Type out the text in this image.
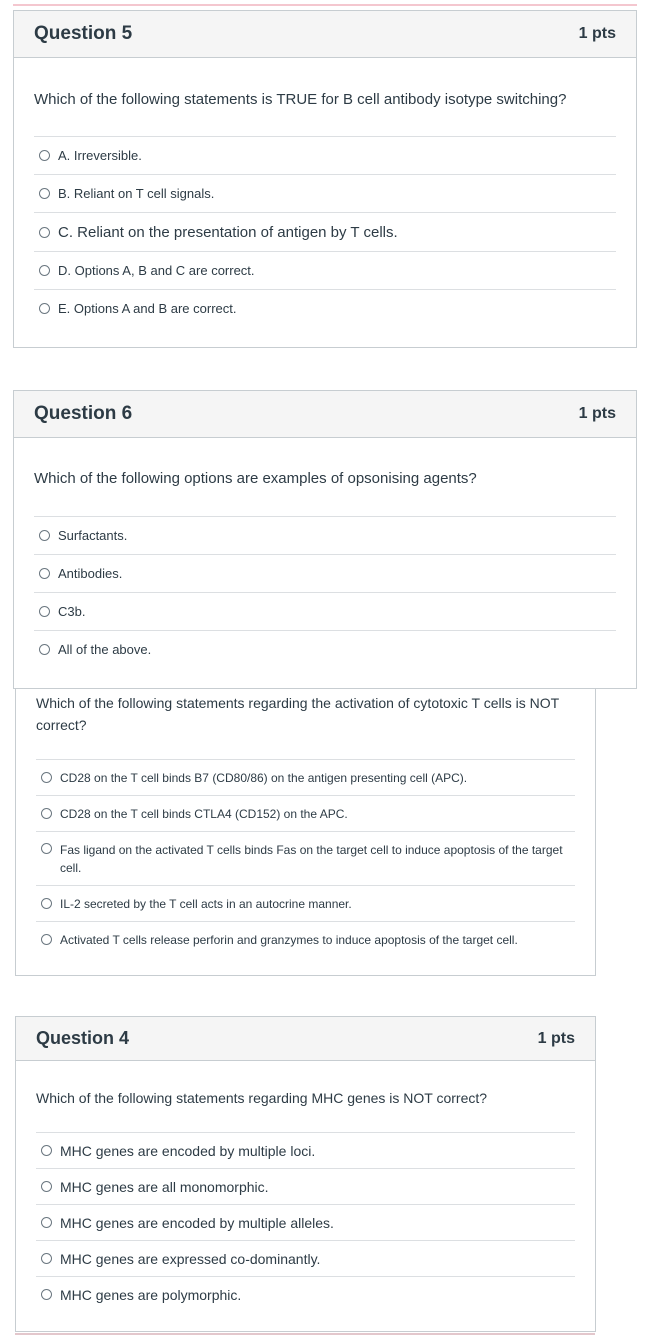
Question 5	1 pts
Which of the following statements is TRUE for B cell antibody isotype switching?
A. Irreversible.
B. Reliant on T cell signals.
C. Reliant on the presentation of antigen by T cells.
D. Options A, B and C are correct.
E. Options A and B are correct.
Question 6	1 pts
Which of the following options are examples of opsonising agents?
Surfactants.
Antibodies.
C3b.
All of the above.
Which of the following statements regarding the activation of cytotoxic T cells is NOT correct?
CD28 on the T cell binds B7 (CD80/86) on the antigen presenting cell (APC).
CD28 on the T cell binds CTLA4 (CD152) on the APC.
Fas ligand on the activated T cells binds Fas on the target cell to induce apoptosis of the target cell.
IL-2 secreted by the T cell acts in an autocrine manner.
Activated T cells release perforin and granzymes to induce apoptosis of the target cell.
Question 4	1 pts
Which of the following statements regarding MHC genes is NOT correct?
MHC genes are encoded by multiple loci.
MHC genes are all monomorphic.
MHC genes are encoded by multiple alleles.
MHC genes are expressed co-dominantly.
MHC genes are polymorphic.
